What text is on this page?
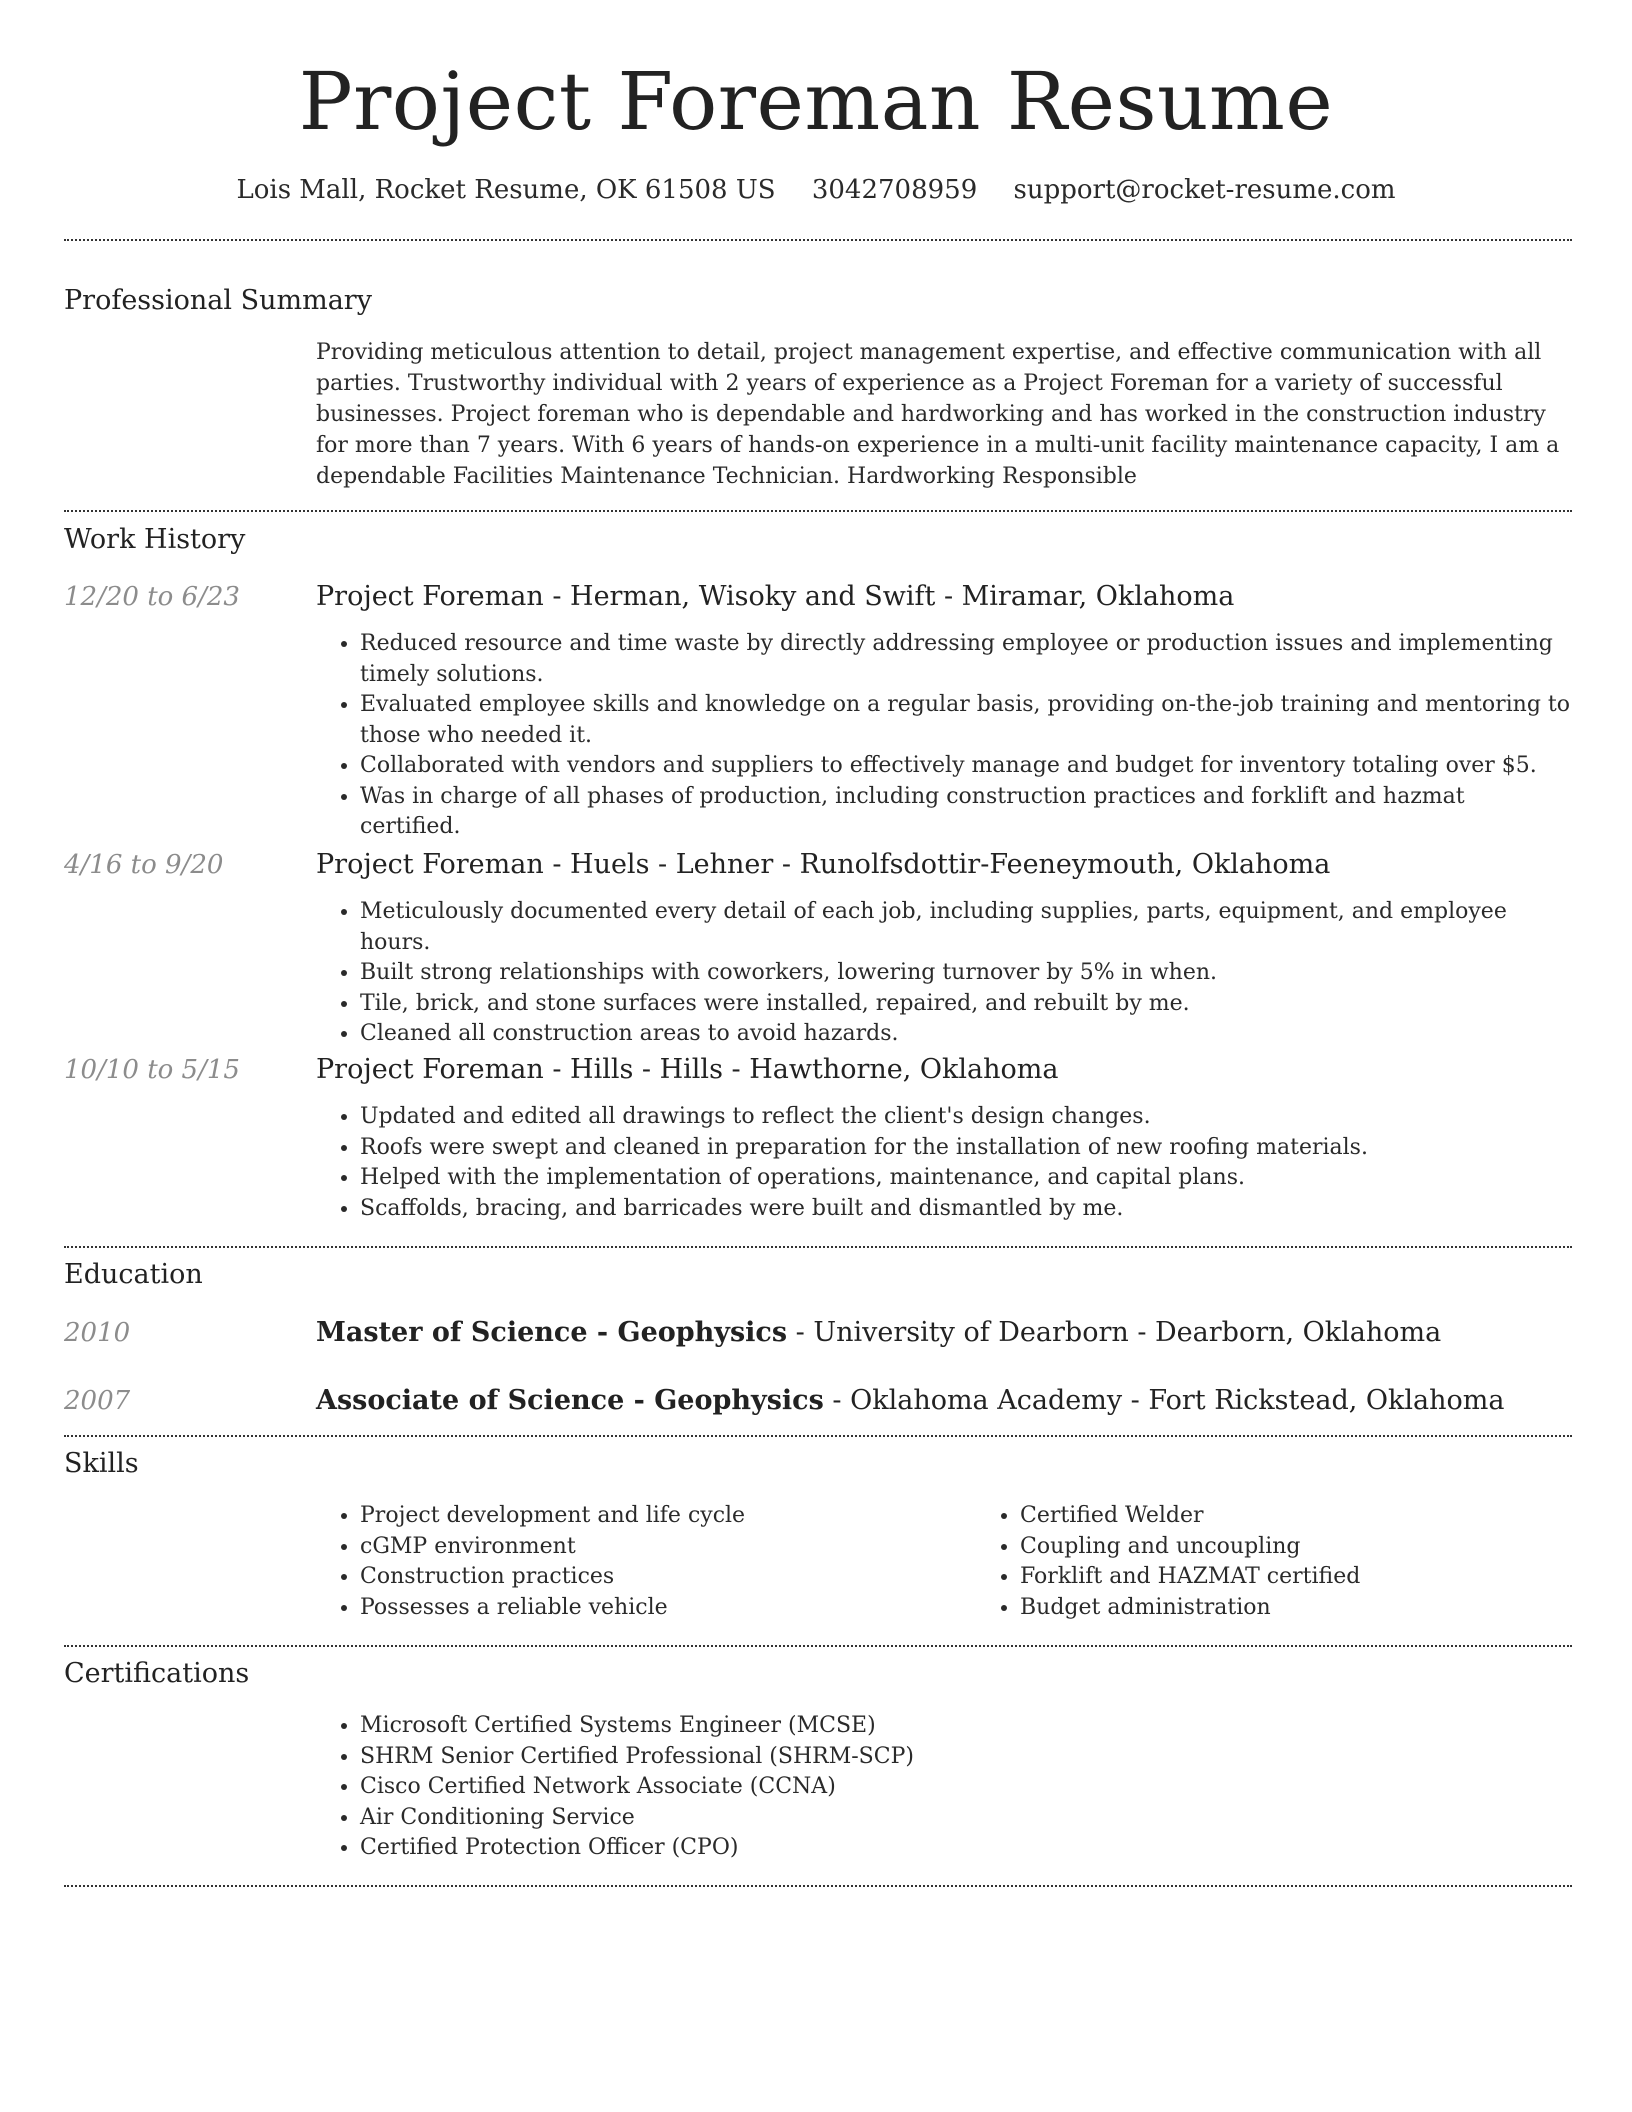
Project Foreman Resume
Lois Mall, Rocket Resume, OK 61508 US 3042708959 support@rocket-resume.com
Professional Summary

Providing meticulous attention to detail, project management expertise, and effective communication with all parties. Trustworthy individual with 2 years of experience as a Project Foreman for a variety of successful businesses. Project foreman who is dependable and hardworking and has worked in the construction industry for more than 7 years. With 6 years of hands-on experience in a multi-unit facility maintenance capacity, I am a dependable Facilities Maintenance Technician. Hardworking Responsible

Work History
12/20 to 6/23	Project Foreman - Herman, Wisoky and Swift - Miramar, Oklahoma
• Reduced resource and time waste by directly addressing employee or production issues and implementing timely solutions.
• Evaluated employee skills and knowledge on a regular basis, providing on-the-job training and mentoring to those who needed it.
• Collaborated with vendors and suppliers to effectively manage and budget for inventory totaling over $5.
• Was in charge of all phases of production, including construction practices and forklift and hazmat certified.
4/16 to 9/20	Project Foreman - Huels - Lehner - Runolfsdottir-Feeneymouth, Oklahoma
• Meticulously documented every detail of each job, including supplies, parts, equipment, and employee hours.
• Built strong relationships with coworkers, lowering turnover by 5% in when.
• Tile, brick, and stone surfaces were installed, repaired, and rebuilt by me.
• Cleaned all construction areas to avoid hazards.
10/10 to 5/15	Project Foreman - Hills - Hills - Hawthorne, Oklahoma
• Updated and edited all drawings to reflect the client's design changes.
• Roofs were swept and cleaned in preparation for the installation of new roofing materials.
• Helped with the implementation of operations, maintenance, and capital plans.
• Scaffolds, bracing, and barricades were built and dismantled by me.
Education
2010	Master of Science - Geophysics - University of Dearborn - Dearborn, Oklahoma
2007	Associate of Science - Geophysics - Oklahoma Academy - Fort Rickstead, Oklahoma
Skills
• Project development and life cycle
• cGMP environment
• Construction practices
• Possesses a reliable vehicle
• Certified Welder
• Coupling and uncoupling
• Forklift and HAZMAT certified
• Budget administration
Certifications
• Microsoft Certified Systems Engineer (MCSE)
• SHRM Senior Certified Professional (SHRM-SCP)
• Cisco Certified Network Associate (CCNA)
• Air Conditioning Service
• Certified Protection Officer (CPO)
